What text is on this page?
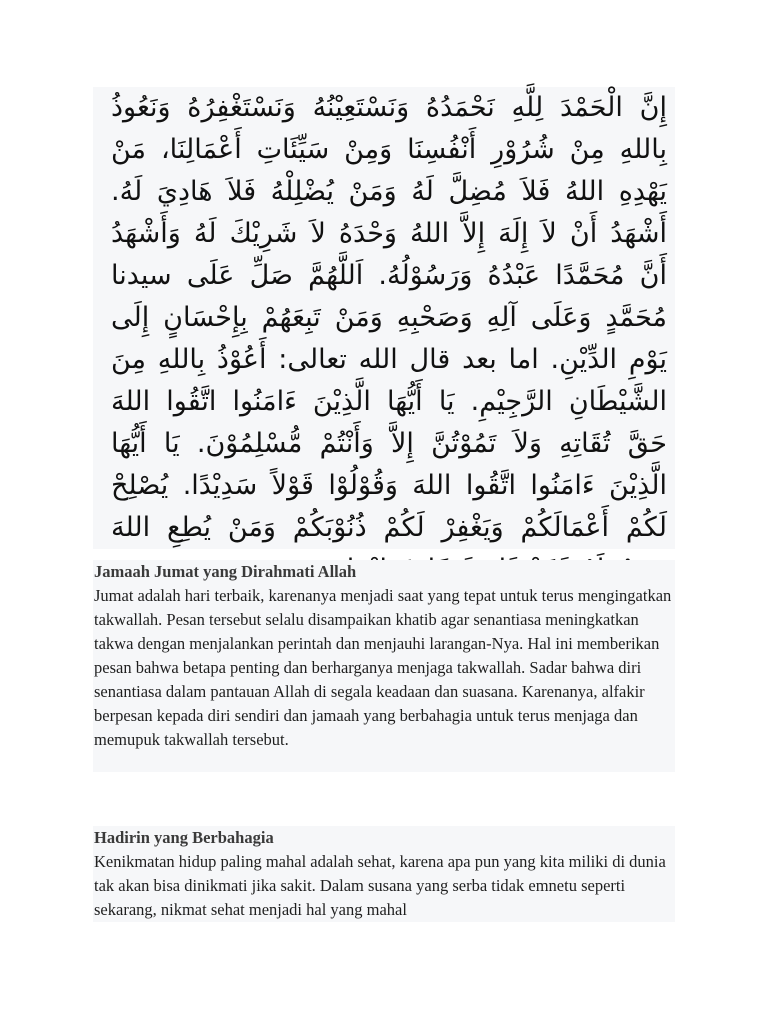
إِنَّ الْحَمْدَ لِلَّهِ نَحْمَدُهُ وَنَسْتَعِيْنُهُ وَنَسْتَغْفِرُهُ وَنَعُوذُ بِاللهِ مِنْ شُرُوْرِ أَنْفُسِنَا وَمِنْ سَيِّئَاتِ أَعْمَالِنَا، مَنْ يَهْدِهِ اللهُ فَلاَ مُضِلَّ لَهُ وَمَنْ يُضْلِلْهُ فَلاَ هَادِيَ لَهُ. أَشْهَدُ أَنْ لاَ إِلَهَ إِلاَّ اللهُ وَحْدَهُ لاَ شَرِيْكَ لَهُ وَأَشْهَدُ أَنَّ مُحَمَّدًا عَبْدُهُ وَرَسُوْلُهُ. اَللَّهُمَّ صَلِّ عَلَى سيدنا مُحَمَّدٍ وَعَلَى آلِهِ وَصَحْبِهِ وَمَنْ تَبِعَهُمْ بِإِحْسَانٍ إِلَى يَوْمِ الدِّيْنِ. اما بعد قال الله تعالى: أَعُوْذُ بِاللهِ مِنَ الشَّيْطَانِ الرَّجِيْمِ. يَا أَيُّهَا الَّذِيْنَ ءَامَنُوا اتَّقُوا اللهَ حَقَّ تُقَاتِهِ وَلاَ تَمُوْتُنَّ إِلاَّ وَأَنْتُمْ مُّسْلِمُوْنَ. يَا أَيُّهَا الَّذِيْنَ ءَامَنُوا اتَّقُوا اللهَ وَقُوْلُوْا قَوْلاً سَدِيْدًا. يُصْلِحْ لَكُمْ أَعْمَالَكُمْ وَيَغْفِرْ لَكُمْ ذُنُوْبَكُمْ وَمَنْ يُطِعِ اللهَ

Jamaah Jumat yang Dirahmati Allah

Jumat adalah hari terbaik, karenanya menjadi saat yang tepat untuk terus mengingatkan takwallah. Pesan tersebut selalu disampaikan khatib agar senantiasa meningkatkan takwa dengan menjalankan perintah dan menjauhi larangan-Nya. Hal ini memberikan pesan bahwa betapa penting dan berharganya menjaga takwallah. Sadar bahwa diri senantiasa dalam pantauan Allah di segala keadaan dan suasana. Karenanya, alfakir berpesan kepada diri sendiri dan jamaah yang berbahagia untuk terus menjaga dan memupuk takwallah tersebut.

Hadirin yang Berbahagia

Kenikmatan hidup paling mahal adalah sehat, karena apa pun yang kita miliki di dunia tak akan bisa dinikmati jika sakit. Dalam susana yang serba tidak emnetu seperti sekarang, nikmat sehat menjadi hal yang mahal
